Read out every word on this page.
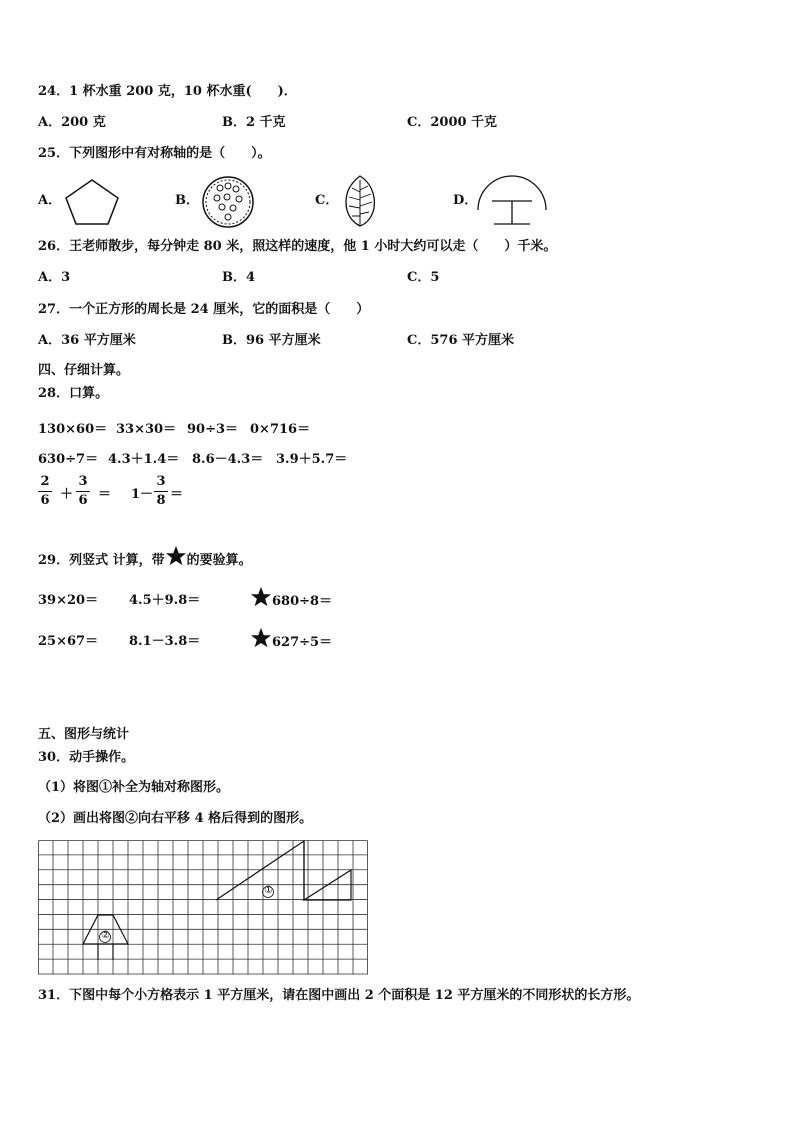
24．1 杯水重 200 克，10 杯水重(　　)．
A．200 克	B．2 千克	C．2000 千克
25．下列图形中有对称轴的是（　　）。
A．	B．	C．	D．
26．王老师散步，每分钟走 80 米，照这样的速度，他 1 小时大约可以走（　　）千米。
A．3	B．4	C．5
27．一个正方形的周长是 24 厘米，它的面积是（　　）
A．36 平方厘米	B．96 平方厘米	C．576 平方厘米
四、仔细计算。
28．口算。
130×60＝ 33×30＝ 90÷3＝ 0×716＝
630÷7＝ 4.3＋1.4＝ 8.6－4.3＝ 3.9＋5.7＝
2
6 ＋
3
6 ＝ 1－
3
8 ＝
29．列竖式 计算，带 的要验算。
39×20＝ 4.5＋9.8＝	680÷8＝
25×67＝ 8.1－3.8＝	627÷5＝
五、图形与统计
30．动手操作。
（1）将图①补全为轴对称图形。
（2）画出将图②向右平移 4 格后得到的图形。
①
②
31．下图中每个小方格表示 1 平方厘米，请在图中画出 2 个面积是 12 平方厘米的不同形状的长方形。
